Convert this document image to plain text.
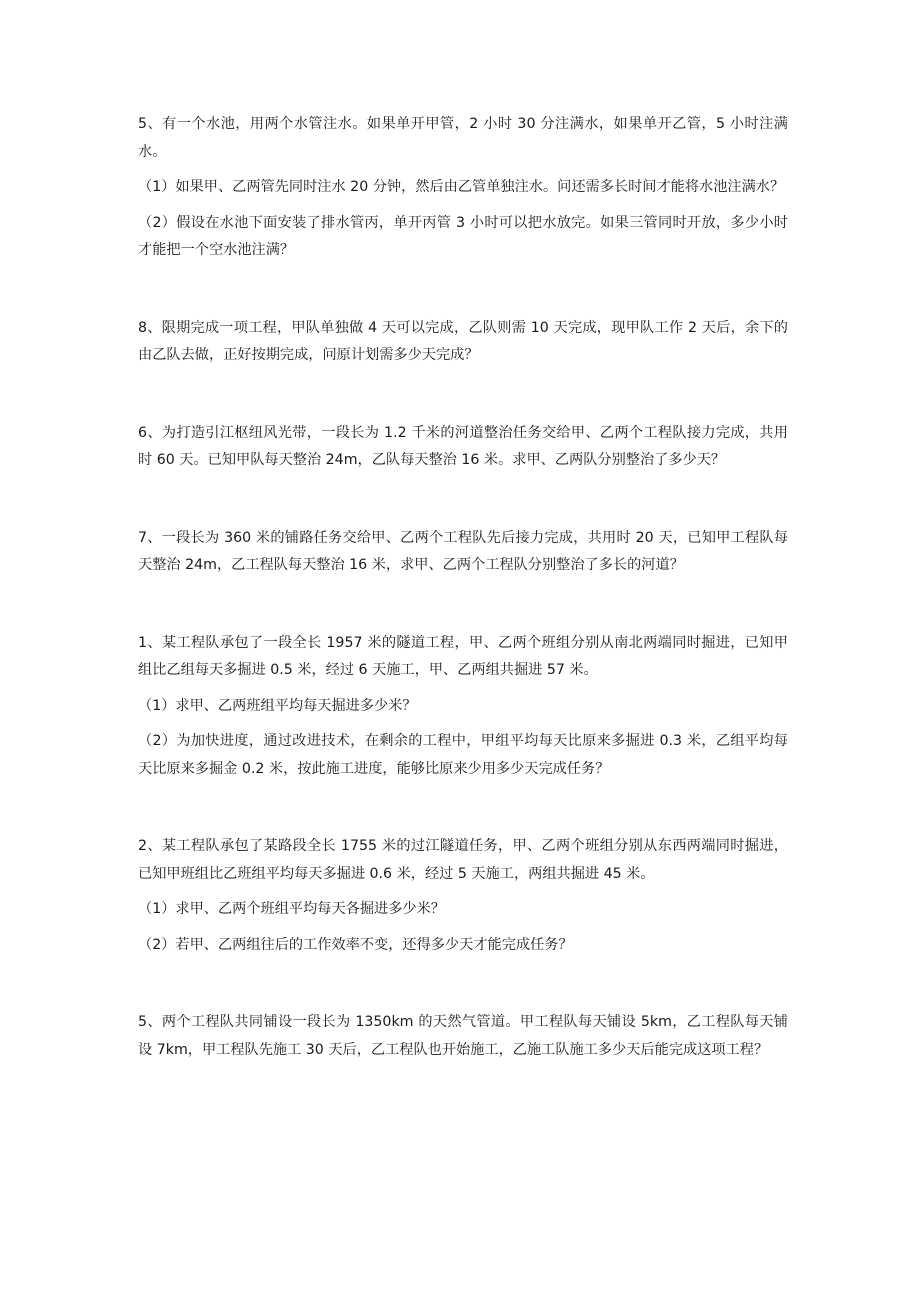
5、有一个水池，用两个水管注水。如果单开甲管，2 小时 30 分注满水，如果单开乙管，5 小时注满水。

（1）如果甲、乙两管先同时注水 20 分钟，然后由乙管单独注水。问还需多长时间才能将水池注满水？

（2）假设在水池下面安装了排水管丙，单开丙管 3 小时可以把水放完。如果三管同时开放，多少小时才能把一个空水池注满？

8、限期完成一项工程，甲队单独做 4 天可以完成，乙队则需 10 天完成，现甲队工作 2 天后，余下的由乙队去做，正好按期完成，问原计划需多少天完成？

6、为打造引江枢纽风光带，一段长为 1.2 千米的河道整治任务交给甲、乙两个工程队接力完成，共用时 60 天。已知甲队每天整治 24m，乙队每天整治 16 米。求甲、乙两队分别整治了多少天？

7、一段长为 360 米的铺路任务交给甲、乙两个工程队先后接力完成，共用时 20 天，已知甲工程队每天整治 24m，乙工程队每天整治 16 米，求甲、乙两个工程队分别整治了多长的河道？

1、某工程队承包了一段全长 1957 米的隧道工程，甲、乙两个班组分别从南北两端同时掘进，已知甲组比乙组每天多掘进 0.5 米，经过 6 天施工，甲、乙两组共掘进 57 米。

（1）求甲、乙两班组平均每天掘进多少米？

（2）为加快进度，通过改进技术，在剩余的工程中，甲组平均每天比原来多掘进 0.3 米，乙组平均每天比原来多掘金 0.2 米，按此施工进度，能够比原来少用多少天完成任务？

2、某工程队承包了某路段全长 1755 米的过江隧道任务，甲、乙两个班组分别从东西两端同时掘进，已知甲班组比乙班组平均每天多掘进 0.6 米，经过 5 天施工，两组共掘进 45 米。

（1）求甲、乙两个班组平均每天各掘进多少米？

（2）若甲、乙两组往后的工作效率不变，还得多少天才能完成任务？

5、两个工程队共同铺设一段长为 1350km 的天然气管道。甲工程队每天铺设 5km，乙工程队每天铺设 7km，甲工程队先施工 30 天后，乙工程队也开始施工，乙施工队施工多少天后能完成这项工程？
